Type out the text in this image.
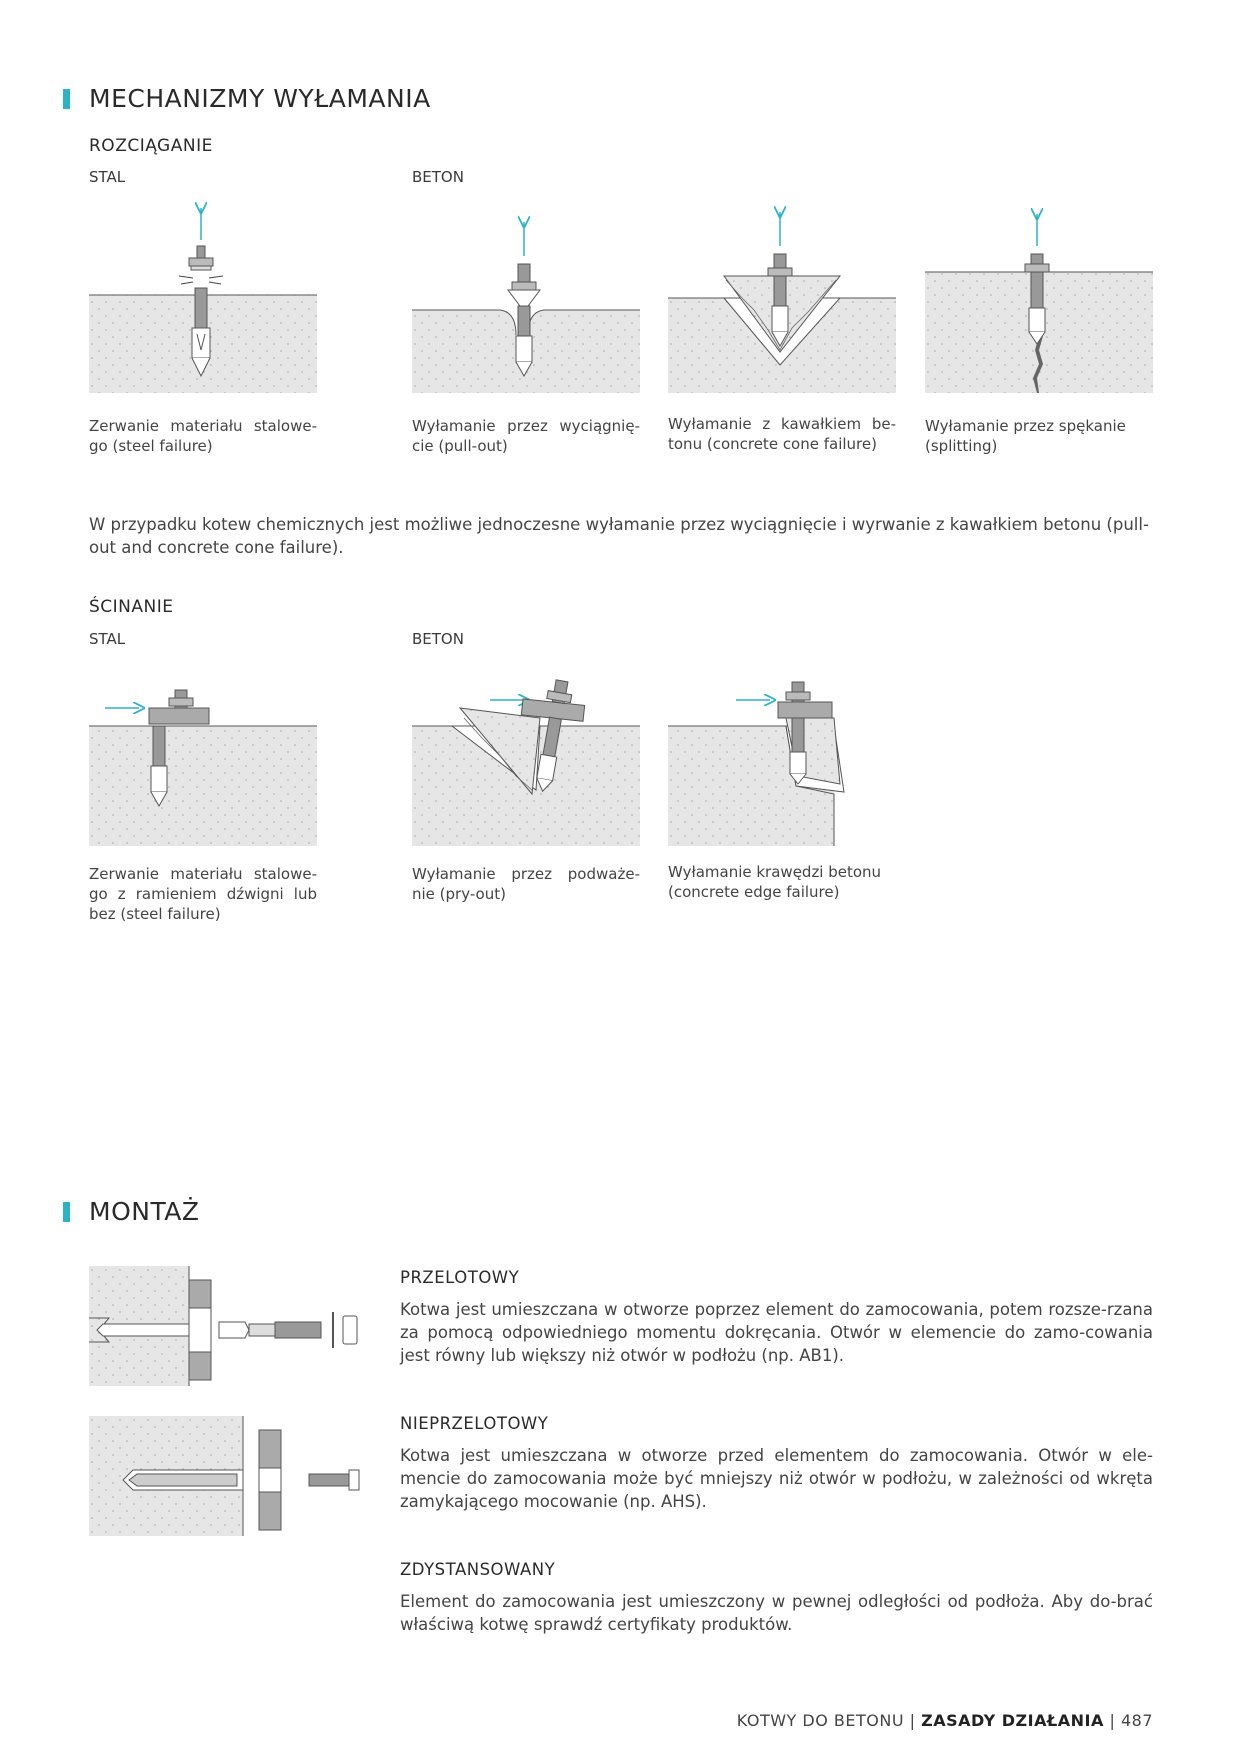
MECHANIZMY WYŁAMANIA
ROZCIĄGANIE
STAL	BETON
Zerwanie materiału stalowe-go (steel failure)
Wyłamanie przez wyciągnię-cie (pull-out)
Wyłamanie z kawałkiem be-tonu (concrete cone failure)
Wyłamanie przez spękanie (splitting)
W przypadku kotew chemicznych jest możliwe jednoczesne wyłamanie przez wyciągnięcie i wyrwanie z kawałkiem betonu (pull-out and concrete cone failure).
ŚCINANIE
STAL	BETON
Zerwanie materiału stalowe-go z ramieniem dźwigni lub bez (steel failure)
Wyłamanie przez podważe-nie (pry-out)
Wyłamanie krawędzi betonu (concrete edge failure)
MONTAŻ
PRZELOTOWY
Kotwa jest umieszczana w otworze poprzez element do zamocowania, potem rozsze-rzana za pomocą odpowiedniego momentu dokręcania. Otwór w elemencie do zamo-cowania jest równy lub większy niż otwór w podłożu (np. AB1).
NIEPRZELOTOWY
Kotwa jest umieszczana w otworze przed elementem do zamocowania. Otwór w ele-mencie do zamocowania może być mniejszy niż otwór w podłożu, w zależności od wkręta zamykającego mocowanie (np. AHS).
ZDYSTANSOWANY
Element do zamocowania jest umieszczony w pewnej odległości od podłoża. Aby do-brać właściwą kotwę sprawdź certyfikaty produktów.
KOTWY DO BETONU | ZASADY DZIAŁANIA | 487
